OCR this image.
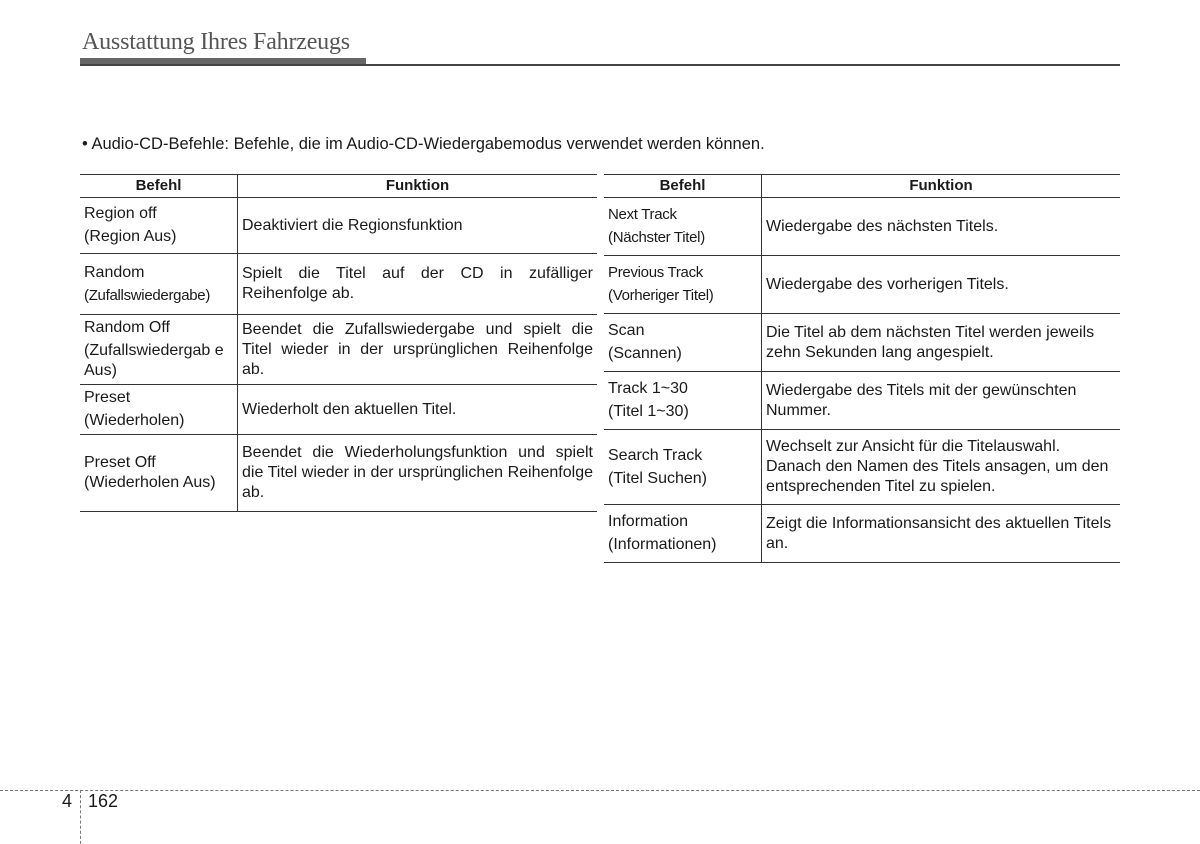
Ausstattung Ihres Fahrzeugs
• Audio-CD-Befehle: Befehle, die im Audio-CD-Wiedergabemodus verwendet werden können.
Befehl	Funktion

Region off
(Region Aus)	Deaktiviert die Regionsfunktion

Random
(Zufallswiedergabe)	Spielt die Titel auf der CD in zufälliger Reihenfolge ab.

Random Off
(Zufallswiedergab e Aus)	Beendet die Zufallswiedergabe und spielt die Titel wieder in der ursprünglichen Reihenfolge ab.

Preset
(Wiederholen)	Wiederholt den aktuellen Titel.

Preset Off
(Wiederholen Aus)	Beendet die Wiederholungsfunktion und spielt die Titel wieder in der ursprünglichen Reihenfolge ab.
Befehl	Funktion

Next Track
(Nächster Titel)	Wiedergabe des nächsten Titels.

Previous Track
(Vorheriger Titel)	Wiedergabe des vorherigen Titels.

Scan
(Scannen)	Die Titel ab dem nächsten Titel werden jeweils zehn Sekunden lang angespielt.

Track 1~30
(Titel 1~30)	Wiedergabe des Titels mit der gewünschten Nummer.

Search Track
(Titel Suchen)	Wechselt zur Ansicht für die Titelauswahl. Danach den Namen des Titels ansagen, um den entsprechenden Titel zu spielen.

Information
(Informationen)	Zeigt die Informationsansicht des aktuellen Titels an.
4 162
